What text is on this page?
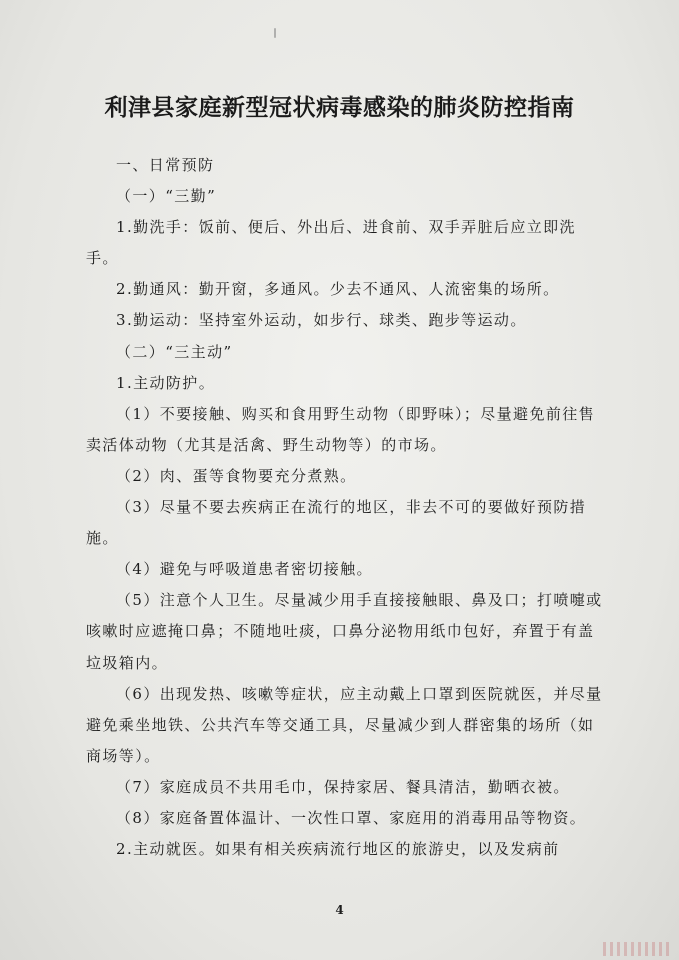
利津县家庭新型冠状病毒感染的肺炎防控指南

一、日常预防

（一）“三勤”

1.勤洗手：饭前、便后、外出后、进食前、双手弄脏后应立即洗手。

2.勤通风：勤开窗，多通风。少去不通风、人流密集的场所。

3.勤运动：坚持室外运动，如步行、球类、跑步等运动。

（二）“三主动”

1.主动防护。

（1）不要接触、购买和食用野生动物（即野味）；尽量避免前往售卖活体动物（尤其是活禽、野生动物等）的市场。

（2）肉、蛋等食物要充分煮熟。

（3）尽量不要去疾病正在流行的地区，非去不可的要做好预防措施。

（4）避免与呼吸道患者密切接触。

（5）注意个人卫生。尽量减少用手直接接触眼、鼻及口；打喷嚏或咳嗽时应遮掩口鼻；不随地吐痰，口鼻分泌物用纸巾包好，弃置于有盖垃圾箱内。

（6）出现发热、咳嗽等症状，应主动戴上口罩到医院就医，并尽量避免乘坐地铁、公共汽车等交通工具，尽量减少到人群密集的场所（如商场等）。

（7）家庭成员不共用毛巾，保持家居、餐具清洁，勤晒衣被。

（8）家庭备置体温计、一次性口罩、家庭用的消毒用品等物资。

2.主动就医。如果有相关疾病流行地区的旅游史，以及发病前

4
